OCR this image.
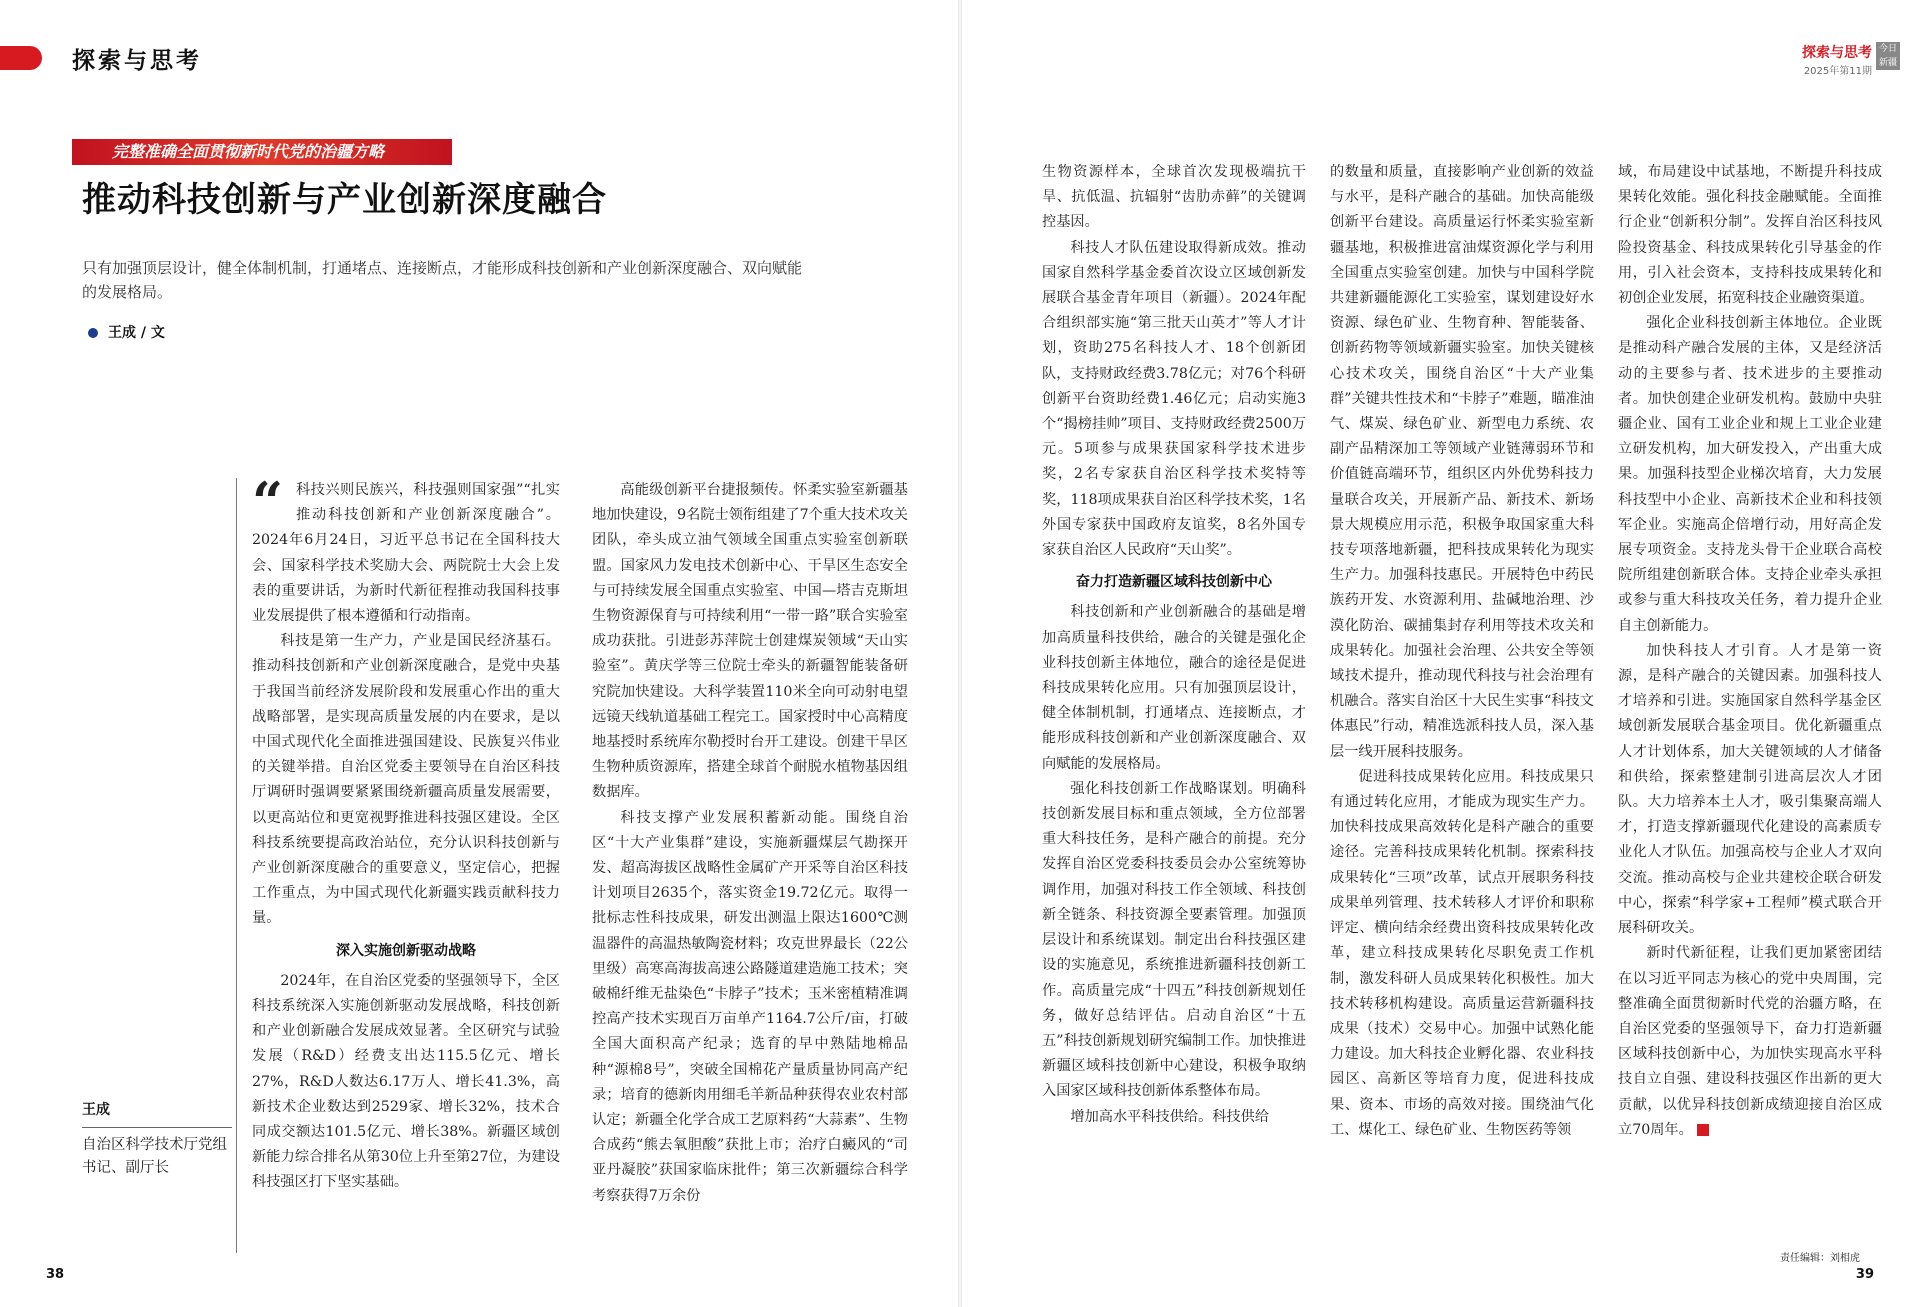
探索与思考	探索与思考
2025年第11期
今日新疆
完整准确全面贯彻新时代党的治疆方略
推动科技创新与产业创新深度融合
只有加强顶层设计，健全体制机制，打通堵点、连接断点，才能形成科技创新和产业创新深度融合、双向赋能的发展格局。
王成 / 文
王成
自治区科学技术厅党组书记、副厅长

“ 科技兴则民族兴，科技强则国家强”“扎实推动科技创新和产业创新深度融合”。2024年6月24日，习近平总书记在全国科技大会、国家科学技术奖励大会、两院院士大会上发表的重要讲话，为新时代新征程推动我国科技事业发展提供了根本遵循和行动指南。

科技是第一生产力，产业是国民经济基石。推动科技创新和产业创新深度融合，是党中央基于我国当前经济发展阶段和发展重心作出的重大战略部署，是实现高质量发展的内在要求，是以中国式现代化全面推进强国建设、民族复兴伟业的关键举措。自治区党委主要领导在自治区科技厅调研时强调要紧紧围绕新疆高质量发展需要，以更高站位和更宽视野推进科技强区建设。全区科技系统要提高政治站位，充分认识科技创新与产业创新深度融合的重要意义，坚定信心，把握工作重点，为中国式现代化新疆实践贡献科技力量。

深入实施创新驱动战略

2024年，在自治区党委的坚强领导下，全区科技系统深入实施创新驱动发展战略，科技创新和产业创新融合发展成效显著。全区研究与试验发展（R&D）经费支出达115.5亿元、增长27%，R&D人数达6.17万人、增长41.3%，高新技术企业数达到2529家、增长32%，技术合同成交额达101.5亿元、增长38%。新疆区域创新能力综合排名从第30位上升至第27位，为建设科技强区打下坚实基础。

高能级创新平台捷报频传。怀柔实验室新疆基地加快建设，9名院士领衔组建了7个重大技术攻关团队，牵头成立油气领域全国重点实验室创新联盟。国家风力发电技术创新中心、干旱区生态安全与可持续发展全国重点实验室、中国—塔吉克斯坦生物资源保育与可持续利用“一带一路”联合实验室成功获批。引进彭苏萍院士创建煤炭领域“天山实验室”。黄庆学等三位院士牵头的新疆智能装备研究院加快建设。大科学装置110米全向可动射电望远镜天线轨道基础工程完工。国家授时中心高精度地基授时系统库尔勒授时台开工建设。创建干旱区生物种质资源库，搭建全球首个耐脱水植物基因组数据库。

科技支撑产业发展积蓄新动能。围绕自治区“十大产业集群”建设，实施新疆煤层气勘探开发、超高海拔区战略性金属矿产开采等自治区科技计划项目2635个，落实资金19.72亿元。取得一批标志性科技成果，研发出测温上限达1600℃测温器件的高温热敏陶瓷材料；攻克世界最长（22公里级）高寒高海拔高速公路隧道建造施工技术；突破棉纤维无盐染色“卡脖子”技术；玉米密植精准调控高产技术实现百万亩单产1164.7公斤/亩，打破全国大面积高产纪录；选育的早中熟陆地棉品种“源棉8号”，突破全国棉花产量质量协同高产纪录；培育的德新肉用细毛羊新品种获得农业农村部认定；新疆全化学合成工艺原料药“大蒜素”、生物合成药“熊去氧胆酸”获批上市；治疗白癜风的“司亚丹凝胶”获国家临床批件；第三次新疆综合科学考察获得7万余份

生物资源样本，全球首次发现极端抗干旱、抗低温、抗辐射“齿肋赤藓”的关键调控基因。

科技人才队伍建设取得新成效。推动国家自然科学基金委首次设立区域创新发展联合基金青年项目（新疆）。2024年配合组织部实施“第三批天山英才”等人才计划，资助275名科技人才、18个创新团队，支持财政经费3.78亿元；对76个科研创新平台资助经费1.46亿元；启动实施3个“揭榜挂帅”项目、支持财政经费2500万元。5项参与成果获国家科学技术进步奖，2名专家获自治区科学技术奖特等奖，118项成果获自治区科学技术奖，1名外国专家获中国政府友谊奖，8名外国专家获自治区人民政府“天山奖”。

奋力打造新疆区域科技创新中心

科技创新和产业创新融合的基础是增加高质量科技供给，融合的关键是强化企业科技创新主体地位，融合的途径是促进科技成果转化应用。只有加强顶层设计，健全体制机制，打通堵点、连接断点，才能形成科技创新和产业创新深度融合、双向赋能的发展格局。

强化科技创新工作战略谋划。明确科技创新发展目标和重点领域，全方位部署重大科技任务，是科产融合的前提。充分发挥自治区党委科技委员会办公室统筹协调作用，加强对科技工作全领域、科技创新全链条、科技资源全要素管理。加强顶层设计和系统谋划。制定出台科技强区建设的实施意见，系统推进新疆科技创新工作。高质量完成“十四五”科技创新规划任务，做好总结评估。启动自治区“十五五”科技创新规划研究编制工作。加快推进新疆区域科技创新中心建设，积极争取纳入国家区域科技创新体系整体布局。

增加高水平科技供给。科技供给

的数量和质量，直接影响产业创新的效益与水平，是科产融合的基础。加快高能级创新平台建设。高质量运行怀柔实验室新疆基地，积极推进富油煤资源化学与利用全国重点实验室创建。加快与中国科学院共建新疆能源化工实验室，谋划建设好水资源、绿色矿业、生物育种、智能装备、创新药物等领域新疆实验室。加快关键核心技术攻关，围绕自治区“十大产业集群”关键共性技术和“卡脖子”难题，瞄准油气、煤炭、绿色矿业、新型电力系统、农副产品精深加工等领域产业链薄弱环节和价值链高端环节，组织区内外优势科技力量联合攻关，开展新产品、新技术、新场景大规模应用示范，积极争取国家重大科技专项落地新疆，把科技成果转化为现实生产力。加强科技惠民。开展特色中药民族药开发、水资源利用、盐碱地治理、沙漠化防治、碳捕集封存利用等技术攻关和成果转化。加强社会治理、公共安全等领域技术提升，推动现代科技与社会治理有机融合。落实自治区十大民生实事“科技文体惠民”行动，精准选派科技人员，深入基层一线开展科技服务。

促进科技成果转化应用。科技成果只有通过转化应用，才能成为现实生产力。加快科技成果高效转化是科产融合的重要途径。完善科技成果转化机制。探索科技成果转化“三项”改革，试点开展职务科技成果单列管理、技术转移人才评价和职称评定、横向结余经费出资科技成果转化改革，建立科技成果转化尽职免责工作机制，激发科研人员成果转化积极性。加大技术转移机构建设。高质量运营新疆科技成果（技术）交易中心。加强中试熟化能力建设。加大科技企业孵化器、农业科技园区、高新区等培育力度，促进科技成果、资本、市场的高效对接。围绕油气化工、煤化工、绿色矿业、生物医药等领

域，布局建设中试基地，不断提升科技成果转化效能。强化科技金融赋能。全面推行企业“创新积分制”。发挥自治区科技风险投资基金、科技成果转化引导基金的作用，引入社会资本，支持科技成果转化和初创企业发展，拓宽科技企业融资渠道。

强化企业科技创新主体地位。企业既是推动科产融合发展的主体，又是经济活动的主要参与者、技术进步的主要推动者。加快创建企业研发机构。鼓励中央驻疆企业、国有工业企业和规上工业企业建立研发机构，加大研发投入，产出重大成果。加强科技型企业梯次培育，大力发展科技型中小企业、高新技术企业和科技领军企业。实施高企倍增行动，用好高企发展专项资金。支持龙头骨干企业联合高校院所组建创新联合体。支持企业牵头承担或参与重大科技攻关任务，着力提升企业自主创新能力。

加快科技人才引育。人才是第一资源，是科产融合的关键因素。加强科技人才培养和引进。实施国家自然科学基金区域创新发展联合基金项目。优化新疆重点人才计划体系，加大关键领域的人才储备和供给，探索整建制引进高层次人才团队。大力培养本土人才，吸引集聚高端人才，打造支撑新疆现代化建设的高素质专业化人才队伍。加强高校与企业人才双向交流。推动高校与企业共建校企联合研发中心，探索“科学家+工程师”模式联合开展科研攻关。

新时代新征程，让我们更加紧密团结在以习近平同志为核心的党中央周围，完整准确全面贯彻新时代党的治疆方略，在自治区党委的坚强领导下，奋力打造新疆区域科技创新中心，为加快实现高水平科技自立自强、建设科技强区作出新的更大贡献，以优异科技创新成绩迎接自治区成立70周年。

38	39
责任编辑：刘相虎
